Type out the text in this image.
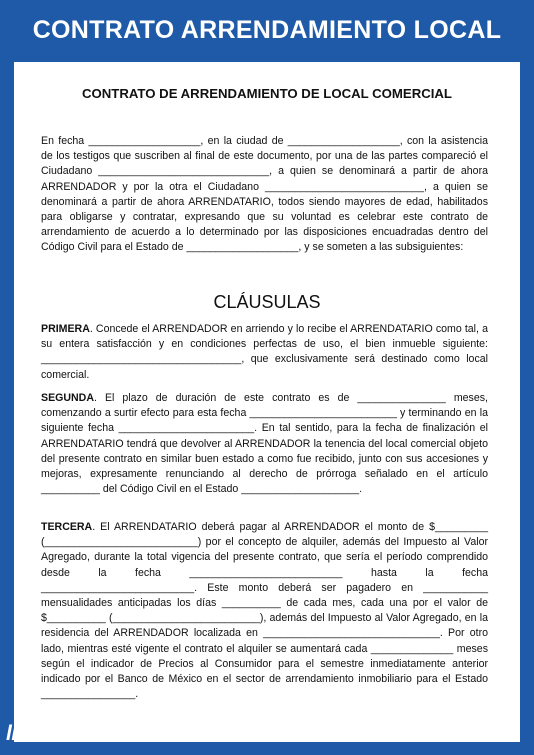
CONTRATO ARRENDAMIENTO LOCAL
CONTRATO DE ARRENDAMIENTO DE LOCAL COMERCIAL
En fecha ___________________, en la ciudad de ___________________, con la asistencia de los testigos que suscriben al final de este documento, por una de las partes compareció el Ciudadano _____________________________, a quien se denominará a partir de ahora ARRENDADOR y por la otra el Ciudadano ___________________________, a quien se denominará a partir de ahora ARRENDATARIO, todos siendo mayores de edad, habilitados para obligarse y contratar, expresando que su voluntad es celebrar este contrato de arrendamiento de acuerdo a lo determinado por las disposiciones encuadradas dentro del Código Civil para el Estado de ___________________, y se someten a las subsiguientes:
CLÁUSULAS
PRIMERA. Concede el ARRENDADOR en arriendo y lo recibe el ARRENDATARIO como tal, a su entera satisfacción y en condiciones perfectas de uso, el bien inmueble siguiente: __________________________________, que exclusivamente será destinado como local comercial.
SEGUNDA. El plazo de duración de este contrato es de _______________ meses, comenzando a surtir efecto para esta fecha _________________________ y terminando en la siguiente fecha _______________________. En tal sentido, para la fecha de finalización el ARRENDATARIO tendrá que devolver al ARRENDADOR la tenencia del local comercial objeto del presente contrato en similar buen estado a como fue recibido, junto con sus accesiones y mejoras, expresamente renunciando al derecho de prórroga señalado en el artículo __________ del Código Civil en el Estado ____________________.
TERCERA. El ARRENDATARIO deberá pagar al ARRENDADOR el monto de $_________ (__________________________) por el concepto de alquiler, además del Impuesto al Valor Agregado, durante la total vigencia del presente contrato, que sería el período comprendido desde la fecha __________________________ hasta la fecha __________________________. Este monto deberá ser pagadero en ___________ mensualidades anticipadas los días __________ de cada mes, cada una por el valor de $__________ (_________________________), además del Impuesto al Valor Agregado, en la residencia del ARRENDADOR localizada en ______________________________. Por otro lado, mientras esté vigente el contrato el alquiler se aumentará cada ______________ meses según el indicador de Precios al Consumidor para el semestre inmediatamente anterior indicado por el Banco de México en el sector de arrendamiento inmobiliario para el Estado ________________.
lifeder .com
